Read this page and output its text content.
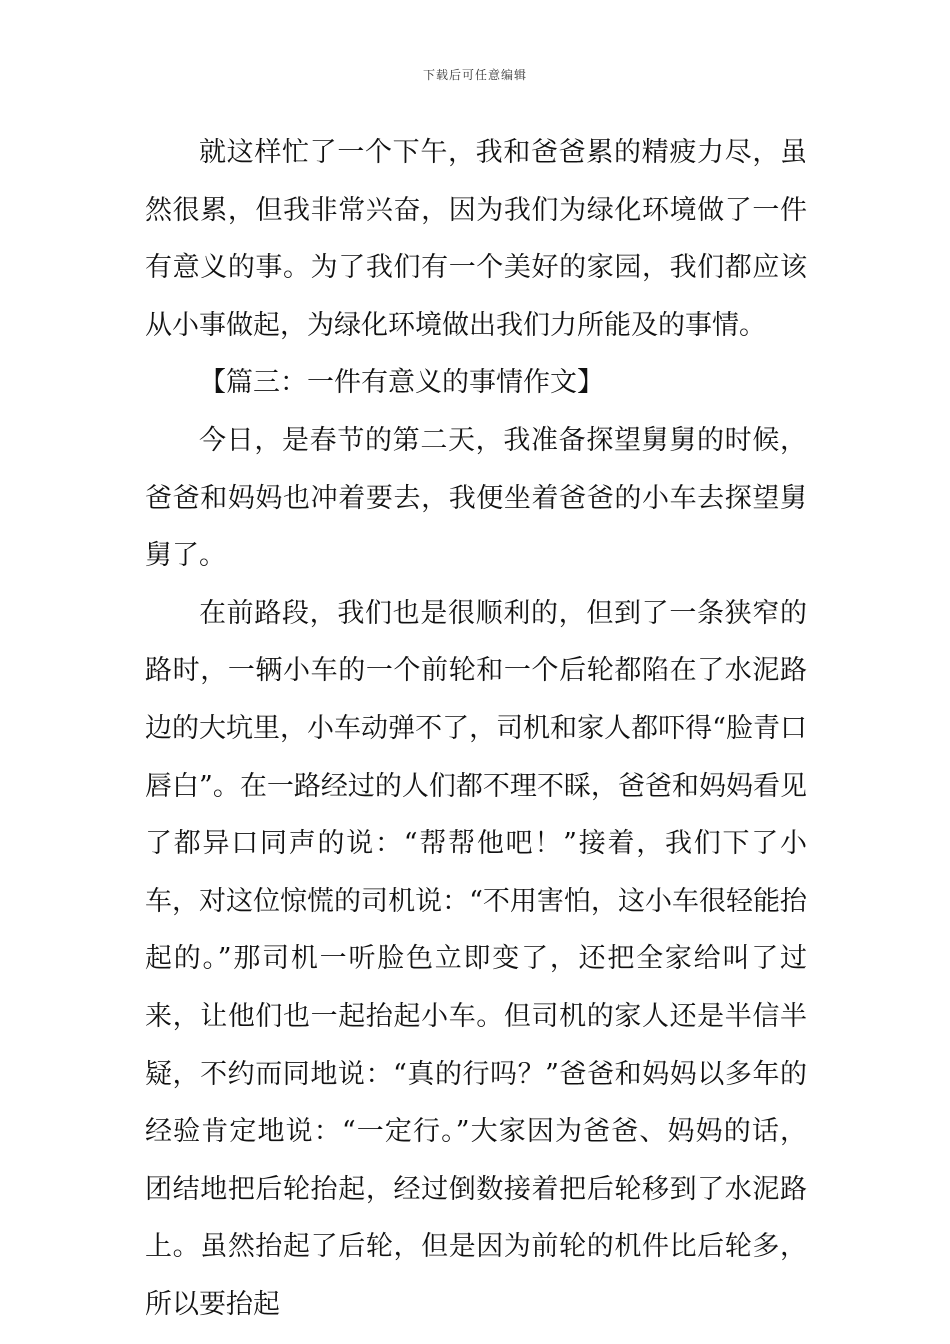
下载后可任意编辑

就这样忙了一个下午，我和爸爸累的精疲力尽，虽然很累，但我非常兴奋，因为我们为绿化环境做了一件有意义的事。为了我们有一个美好的家园，我们都应该从小事做起，为绿化环境做出我们力所能及的事情。

【篇三：一件有意义的事情作文】

今日，是春节的第二天，我准备探望舅舅的时候，爸爸和妈妈也冲着要去，我便坐着爸爸的小车去探望舅舅了。

在前路段，我们也是很顺利的，但到了一条狭窄的路时，一辆小车的一个前轮和一个后轮都陷在了水泥路边的大坑里，小车动弹不了，司机和家人都吓得“脸青口唇白”。在一路经过的人们都不理不睬，爸爸和妈妈看见了都异口同声的说：“帮帮他吧！”接着，我们下了小车，对这位惊慌的司机说：“不用害怕，这小车很轻能抬起的。”那司机一听脸色立即变了，还把全家给叫了过来，让他们也一起抬起小车。但司机的家人还是半信半疑，不约而同地说：“真的行吗？”爸爸和妈妈以多年的经验肯定地说：“一定行。”大家因为爸爸、妈妈的话，团结地把后轮抬起，经过倒数接着把后轮移到了水泥路上。虽然抬起了后轮，但是因为前轮的机件比后轮多，所以要抬起
